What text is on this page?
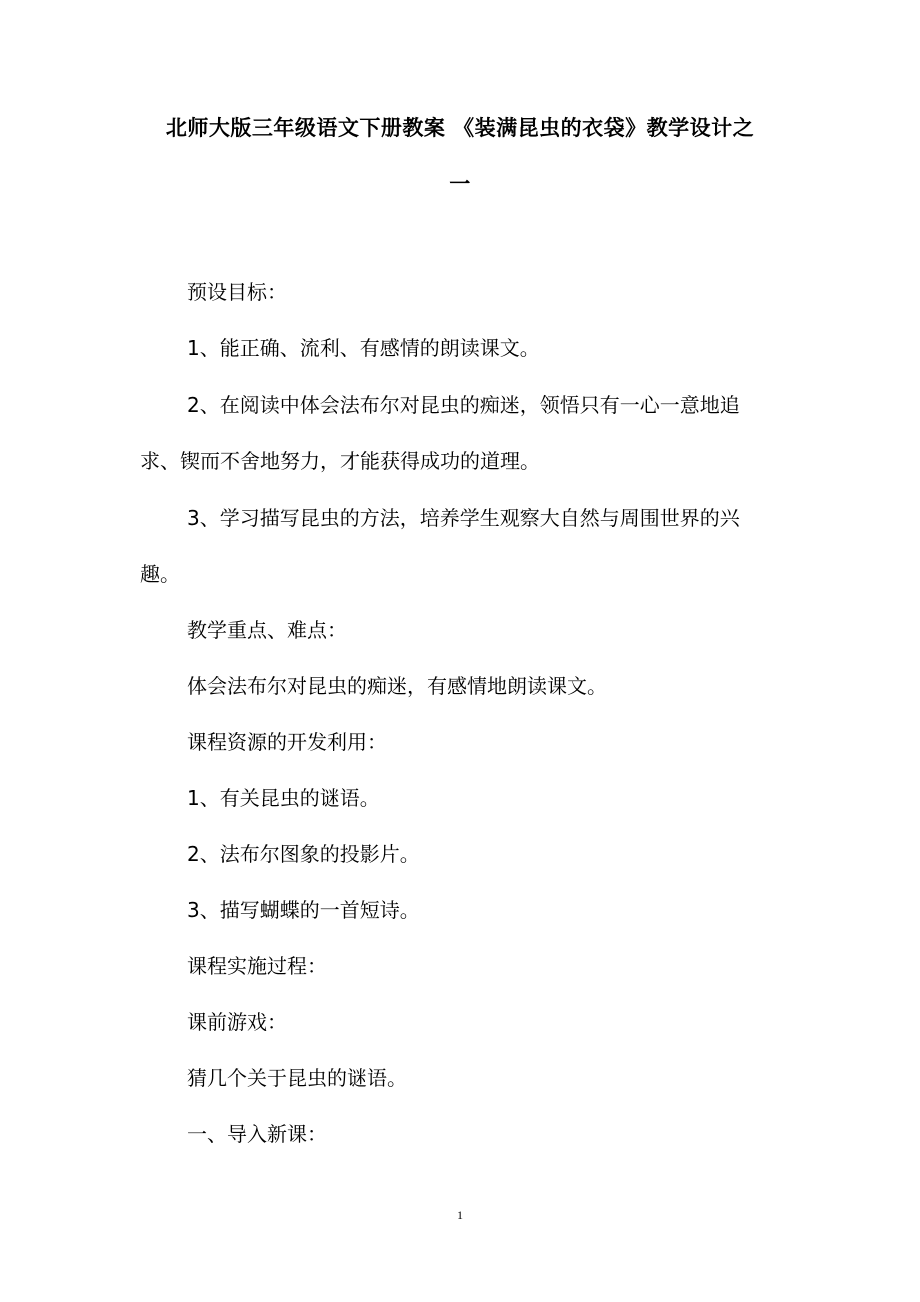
北师大版三年级语文下册教案 《装满昆虫的衣袋》教学设计之
一
预设目标：
1、能正确、流利、有感情的朗读课文。
2、在阅读中体会法布尔对昆虫的痴迷，领悟只有一心一意地追
求、锲而不舍地努力，才能获得成功的道理。
3、学习描写昆虫的方法，培养学生观察大自然与周围世界的兴
趣。
教学重点、难点：
体会法布尔对昆虫的痴迷，有感情地朗读课文。
课程资源的开发利用：
1、有关昆虫的谜语。
2、法布尔图象的投影片。
3、描写蝴蝶的一首短诗。
课程实施过程：
课前游戏：
猜几个关于昆虫的谜语。
一、导入新课：
1
